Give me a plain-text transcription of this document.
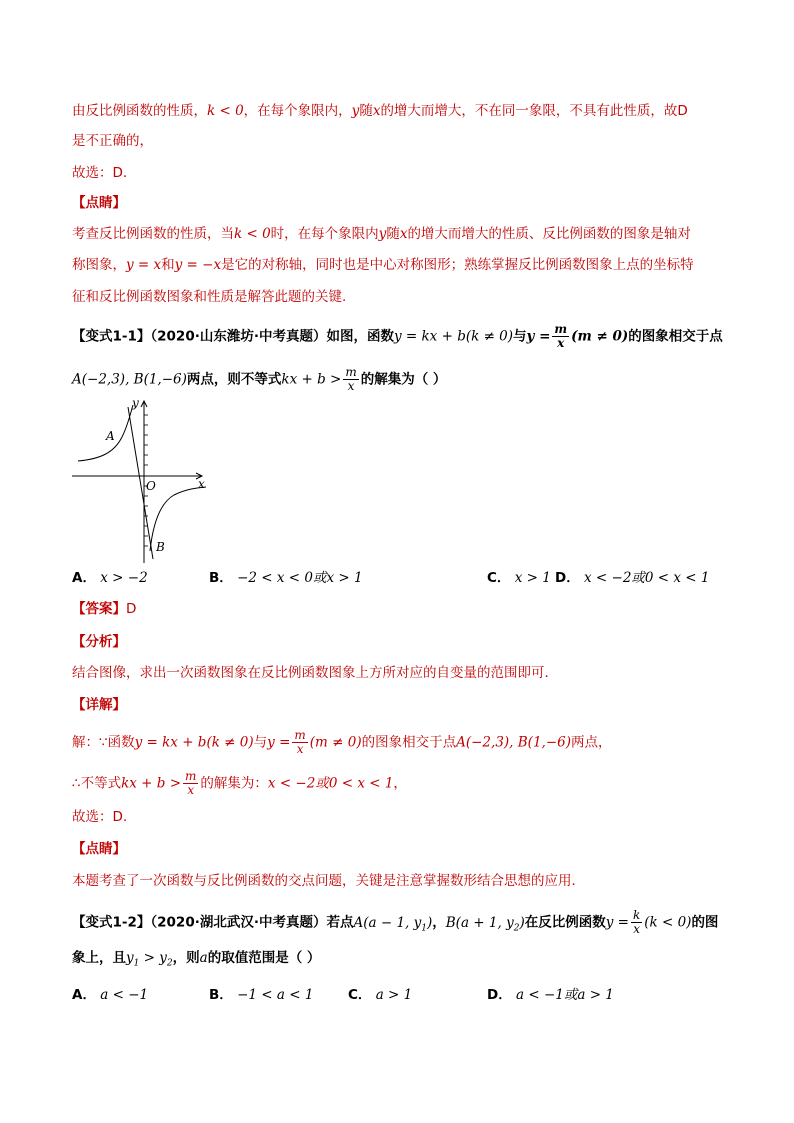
由反比例函数的性质，k < 0，在每个象限内，y随x的增大而增大，不在同一象限，不具有此性质，故D
是不正确的，
故选：D．
【点睛】
考查反比例函数的性质，当k < 0时，在每个象限内y随x的增大而增大的性质、反比例函数的图象是轴对
称图象，y = x和y = −x是它的对称轴，同时也是中心对称图形；熟练掌握反比例函数图象上点的坐标特
征和反比例函数图象和性质是解答此题的关键.
【变式1-1】（2020·山东潍坊·中考真题）如图，函数y = kx + b(k ≠ 0)与$y = \frac{m}{x} (m \ne 0)$的图象相交于点
A(−2,3), B(1,−6)两点，则不等式kx + $b > \frac{m}{x}$ 的解集为（ ）
y
x
O
A
B
A． x > −2	B． −2 < x < 0或x > 1	C． x > 1 D． x < −2或0 < x < 1
【答案】D
【分析】
结合图像，求出一次函数图象在反比例函数图象上方所对应的自变量的范围即可．
【详解】
解：∵函数y = kx + b(k ≠ 0)与$y = \frac{m}{x} (m \ne 0)$的图象相交于点A(−2,3), B(1,−6)两点，
∴不等式kx + $b > \frac{m}{x}$ 的解集为：x < −2或0 < x < 1，
故选：D.
【点睛】
本题考查了一次函数与反比例函数的交点问题，关键是注意掌握数形结合思想的应用．
【变式1-2】（2020·湖北武汉·中考真题）若点A(a − 1, $y_1$)，B(a + 1, $y_2$)在反比例函数$y = \frac{k}{x} (k < 0)$的图
象上，且$y_1 > y_2$，则a的取值范围是（ ）
A． a < −1	B． −1 < a < 1	C． a > 1	D． a < −1或a > 1
